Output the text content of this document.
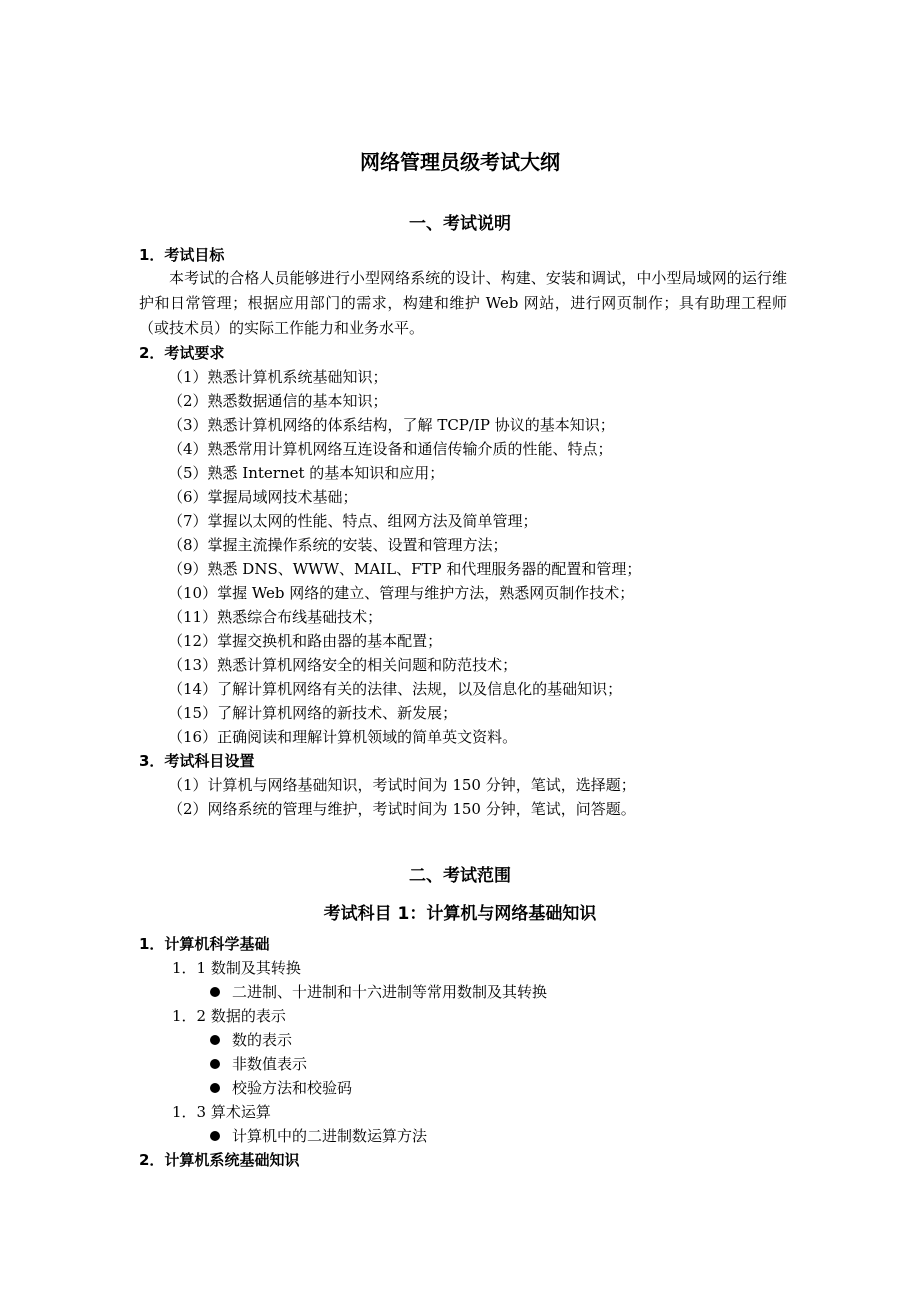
网络管理员级考试大纲
一、考试说明
1．考试目标
本考试的合格人员能够进行小型网络系统的设计、构建、安装和调试，中小型局域网的运行维护和日常管理；根据应用部门的需求，构建和维护 Web 网站，进行网页制作；具有助理工程师（或技术员）的实际工作能力和业务水平。
2．考试要求
（1）熟悉计算机系统基础知识；
（2）熟悉数据通信的基本知识；
（3）熟悉计算机网络的体系结构，了解 TCP/IP 协议的基本知识；
（4）熟悉常用计算机网络互连设备和通信传输介质的性能、特点；
（5）熟悉 Internet 的基本知识和应用；
（6）掌握局域网技术基础；
（7）掌握以太网的性能、特点、组网方法及简单管理；
（8）掌握主流操作系统的安装、设置和管理方法；
（9）熟悉 DNS、WWW、MAIL、FTP 和代理服务器的配置和管理；
（10）掌握 Web 网络的建立、管理与维护方法，熟悉网页制作技术；
（11）熟悉综合布线基础技术；
（12）掌握交换机和路由器的基本配置；
（13）熟悉计算机网络安全的相关问题和防范技术；
（14）了解计算机网络有关的法律、法规，以及信息化的基础知识；
（15）了解计算机网络的新技术、新发展；
（16）正确阅读和理解计算机领域的简单英文资料。
3．考试科目设置
（1）计算机与网络基础知识，考试时间为 150 分钟，笔试，选择题；
（2）网络系统的管理与维护，考试时间为 150 分钟，笔试，问答题。
二、考试范围
考试科目 1：计算机与网络基础知识
1．计算机科学基础
1．1 数制及其转换
二进制、十进制和十六进制等常用数制及其转换
1．2 数据的表示
数的表示
非数值表示
校验方法和校验码
1．3 算术运算
计算机中的二进制数运算方法
2．计算机系统基础知识
